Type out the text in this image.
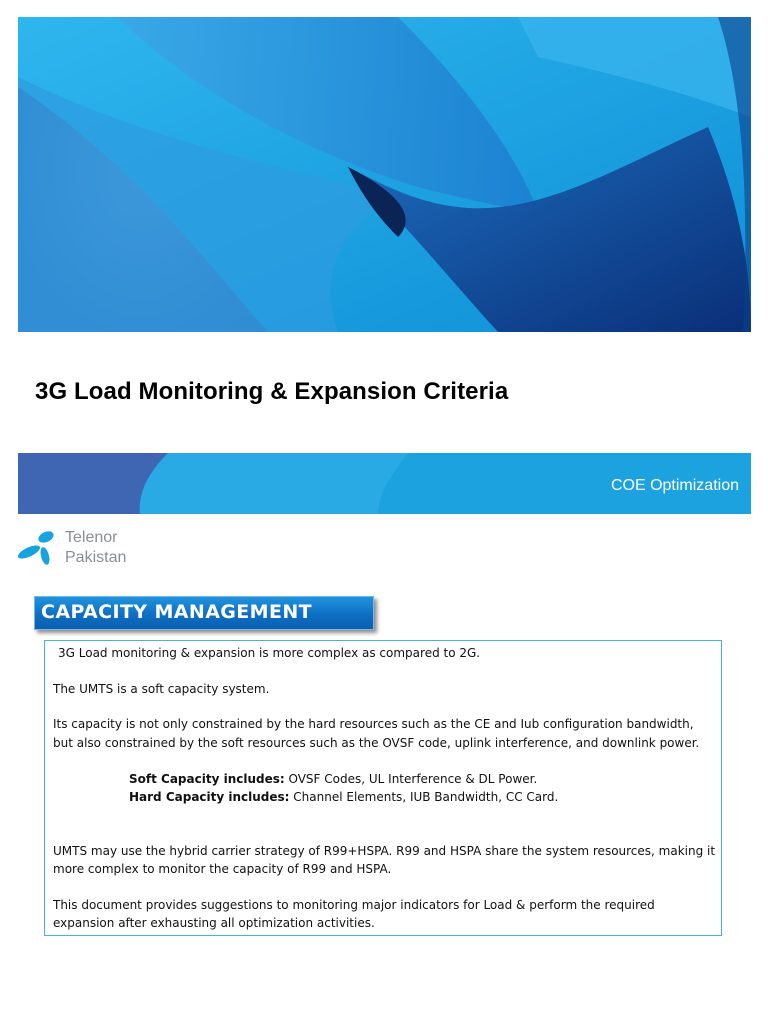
3G Load Monitoring & Expansion Criteria
COE Optimization
Telenor
Pakistan
CAPACITY MANAGEMENT

3G Load monitoring & expansion is more complex as compared to 2G.

The UMTS is a soft capacity system.

Its capacity is not only constrained by the hard resources such as the CE and Iub configuration bandwidth,

but also constrained by the soft resources such as the OVSF code, uplink interference, and downlink power.

Soft Capacity includes: OVSF Codes, UL Interference & DL Power.

Hard Capacity includes: Channel Elements, IUB Bandwidth, CC Card.

UMTS may use the hybrid carrier strategy of R99+HSPA. R99 and HSPA share the system resources, making it

more complex to monitor the capacity of R99 and HSPA.

This document provides suggestions to monitoring major indicators for Load & perform the required

expansion after exhausting all optimization activities.
